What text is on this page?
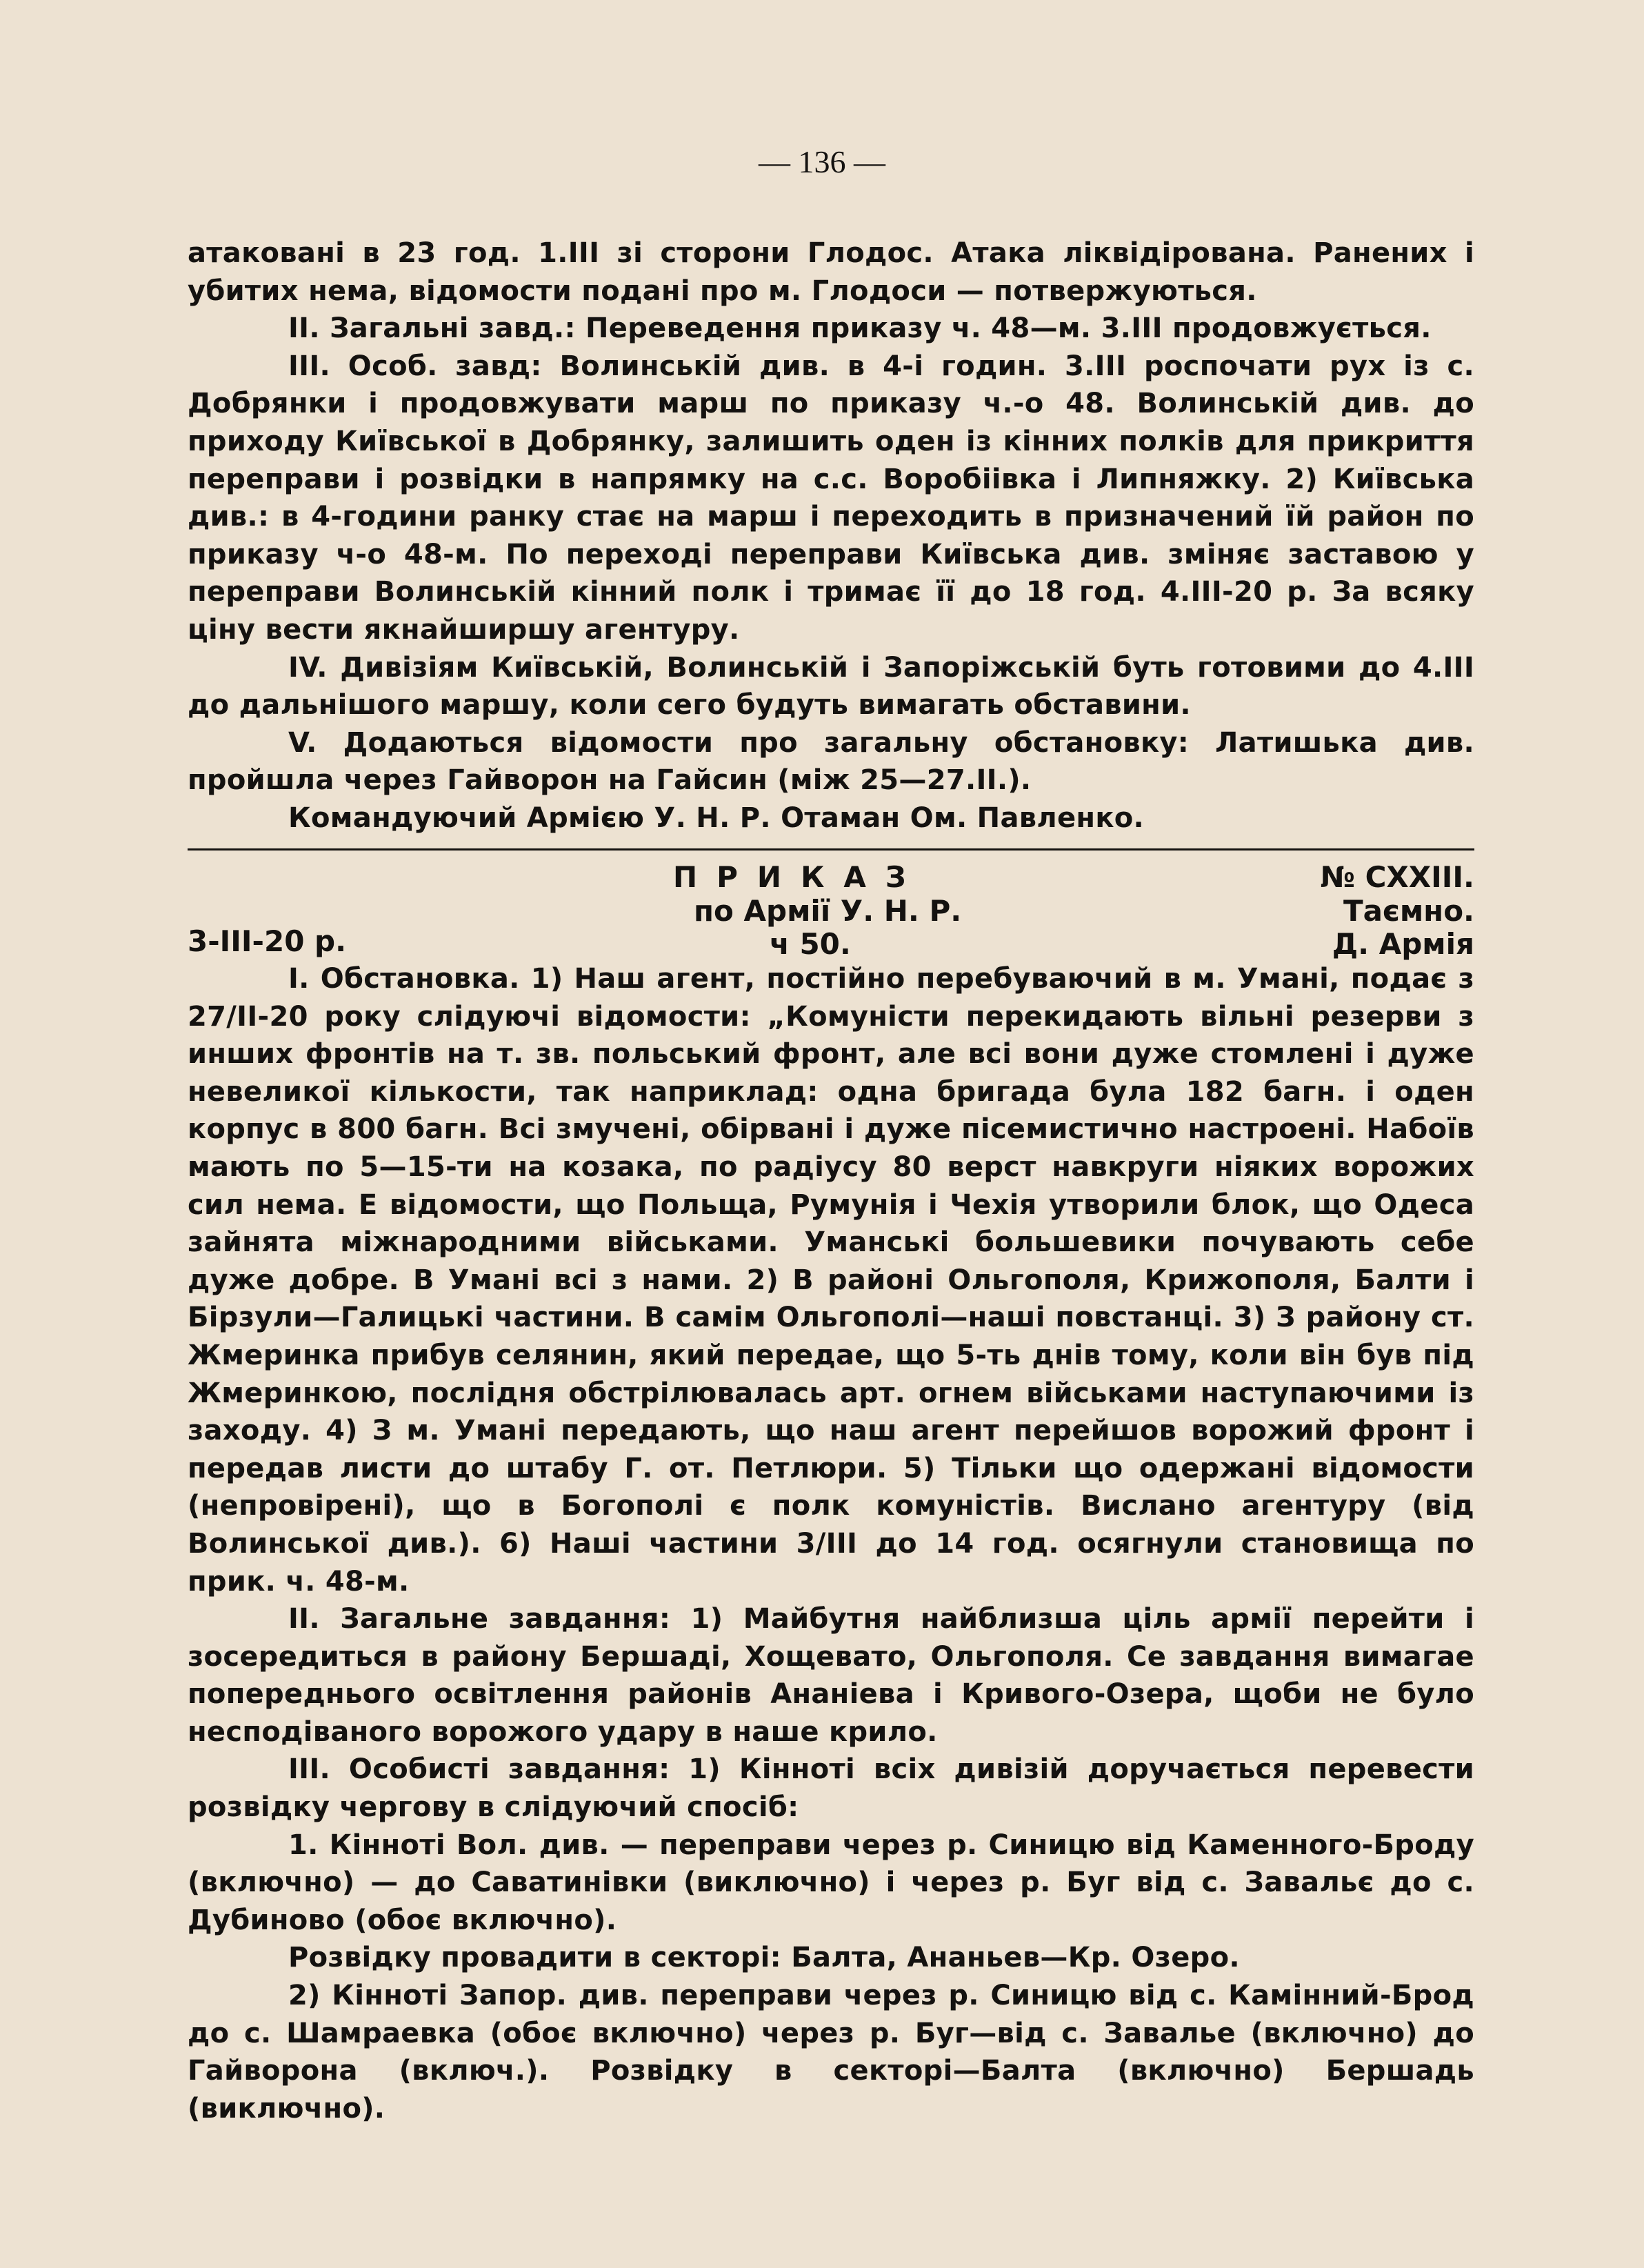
— 136 —

атаковані в 23 год. 1.III зі сторони Глодос. Атака ліквідірована. Ранених і убитих нема, відомости подані про м. Глодоси — потвержуються.

II. Загальні завд.: Переведення приказу ч. 48—м. 3.III продовжується.

III. Особ. завд: Волинській див. в 4-і годин. 3.III роспочати рух із с. Добрянки і продовжувати марш по приказу ч.-о 48. Волинській див. до приходу Київської в Добрянку, залишить оден із кінних полків для прикриття переправи і розвідки в напрямку на с.с. Воробіівка і Липняжку. 2) Київська див.: в 4-години ранку стає на марш і переходить в призначений їй район по приказу ч-о 48-м. По переході переправи Київська див. зміняє заставою у переправи Волинській кінний полк і тримає її до 18 год. 4.III-20 р. За всяку ціну вести якнайширшу агентуру.

IV. Дивізіям Київській, Волинській і Запоріжській буть готовими до 4.III до дальнішого маршу, коли сего будуть вимагать обставини.

V. Додаються відомости про загальну обстановку: Латишька див. пройшла через Гайворон на Гайсин (між 25—27.II.).

Командуючий Армією У. Н. Р. Отаман Ом. Павленко.

ПРИКАЗ
по Армії У. Н. Р.
ч 50.
3-III-20 р.
№ CXXIII.
Таємно.
Д. Армія

I. Обстановка. 1) Наш агент, постійно перебуваючий в м. Умані, подає з 27/II-20 року слідуючі відомости: „Комуністи перекидають вільні резерви з инших фронтів на т. зв. польський фронт, але всі вони дуже стомлені і дуже невеликої кількости, так наприклад: одна бригада була 182 багн. і оден корпус в 800 багн. Всі змучені, обірвані і дуже пісемистично настроені. Набоїв мають по 5—15-ти на козака, по радіусу 80 верст навкруги ніяких ворожих сил нема. Е відомости, що Польща, Румунія і Чехія утворили блок, що Одеса зайнята міжнародними військами. Уманські большевики почувають себе дуже добре. В Умані всі з нами. 2) В районі Ольгополя, Крижополя, Балти і Бірзули—Галицькі частини. В самім Ольгополі—наші повстанці. 3) З району ст. Жмеринка прибув селянин, який передае, що 5-ть днів тому, коли він був під Жмеринкою, послідня обстрілювалась арт. огнем військами наступаючими із заходу. 4) З м. Умані передають, що наш агент перейшов ворожий фронт і передав листи до штабу Г. от. Петлюри. 5) Тільки що одержані відомости (непровірені), що в Богополі є полк комуністів. Вислано агентуру (від Волинської див.). 6) Наші частини 3/III до 14 год. осягнули становища по прик. ч. 48-м.

II. Загальне завдання: 1) Майбутня найблизша ціль армії перейти і зосередиться в району Бершаді, Хощевато, Ольгополя. Се завдання вимагае попереднього освітлення районів Ананіева і Кривого-Озера, щоби не було несподіваного ворожого удару в наше крило.

III. Особисті завдання: 1) Кінноті всіх дивізій доручається перевести розвідку чергову в слідуючий спосіб:

1. Кінноті Вол. див. — переправи через р. Синицю від Каменного-Броду (включно) — до Саватинівки (виключно) і через р. Буг від с. Завальє до с. Дубиново (обоє включно).

Розвідку провадити в секторі: Балта, Ананьев—Кр. Озеро.

2) Кінноті Запор. див. переправи через р. Синицю від с. Камінний-Брод до с. Шамраевка (обоє включно) через р. Буг—від с. Завалье (включно) до Гайворона (включ.). Розвідку в секторі—Балта (включно) Бершадь (виключно).
